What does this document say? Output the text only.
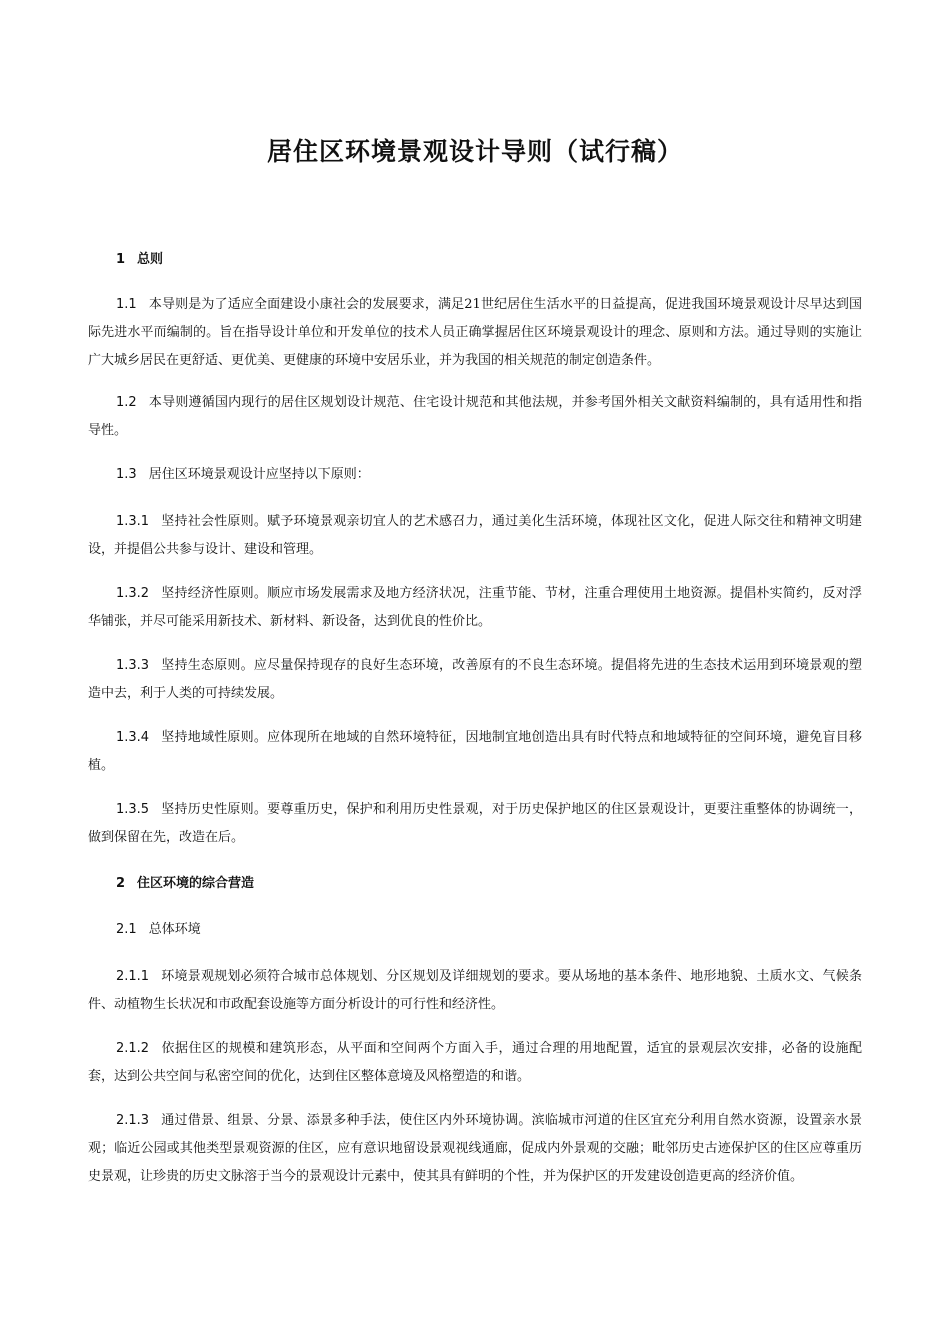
居住区环境景观设计导则（试行稿）
1 总则

1.1 本导则是为了适应全面建设小康社会的发展要求，满足21世纪居住生活水平的日益提高，促进我国环境景观设计尽早达到国际先进水平而编制的。旨在指导设计单位和开发单位的技术人员正确掌握居住区环境景观设计的理念、原则和方法。通过导则的实施让广大城乡居民在更舒适、更优美、更健康的环境中安居乐业，并为我国的相关规范的制定创造条件。

1.2 本导则遵循国内现行的居住区规划设计规范、住宅设计规范和其他法规，并参考国外相关文献资料编制的，具有适用性和指导性。

1.3 居住区环境景观设计应坚持以下原则：

1.3.1 坚持社会性原则。赋予环境景观亲切宜人的艺术感召力，通过美化生活环境，体现社区文化，促进人际交往和精神文明建设，并提倡公共参与设计、建设和管理。

1.3.2 坚持经济性原则。顺应市场发展需求及地方经济状况，注重节能、节材，注重合理使用土地资源。提倡朴实简约，反对浮华铺张，并尽可能采用新技术、新材料、新设备，达到优良的性价比。

1.3.3 坚持生态原则。应尽量保持现存的良好生态环境，改善原有的不良生态环境。提倡将先进的生态技术运用到环境景观的塑造中去，利于人类的可持续发展。

1.3.4 坚持地域性原则。应体现所在地域的自然环境特征，因地制宜地创造出具有时代特点和地域特征的空间环境，避免盲目移植。

1.3.5 坚持历史性原则。要尊重历史，保护和利用历史性景观，对于历史保护地区的住区景观设计，更要注重整体的协调统一，做到保留在先，改造在后。

2 住区环境的综合营造
2.1 总体环境

2.1.1 环境景观规划必须符合城市总体规划、分区规划及详细规划的要求。要从场地的基本条件、地形地貌、土质水文、气候条件、动植物生长状况和市政配套设施等方面分析设计的可行性和经济性。

2.1.2 依据住区的规模和建筑形态，从平面和空间两个方面入手，通过合理的用地配置，适宜的景观层次安排，必备的设施配套，达到公共空间与私密空间的优化，达到住区整体意境及风格塑造的和谐。

2.1.3 通过借景、组景、分景、添景多种手法，使住区内外环境协调。滨临城市河道的住区宜充分利用自然水资源，设置亲水景观；临近公园或其他类型景观资源的住区，应有意识地留设景观视线通廊，促成内外景观的交融；毗邻历史古迹保护区的住区应尊重历史景观，让珍贵的历史文脉溶于当今的景观设计元素中，使其具有鲜明的个性，并为保护区的开发建设创造更高的经济价值。
